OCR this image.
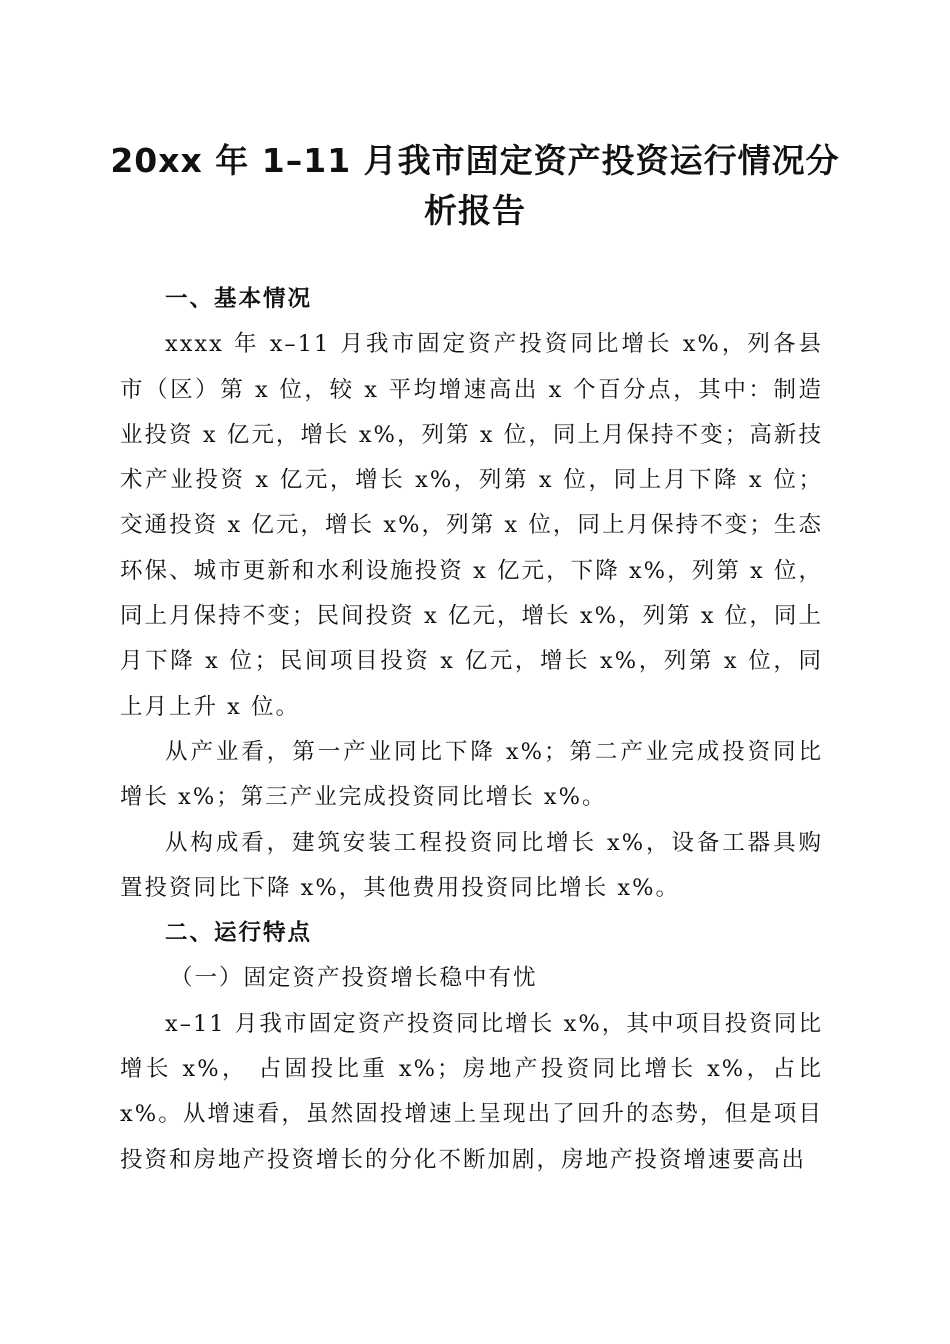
20xx 年 1–11 月我市固定资产投资运行情况分
析报告
一、基本情况

xxxx 年 x–11 月我市固定资产投资同比增长 x%，列各县市（区）第 x 位，较 x 平均增速高出 x 个百分点，其中：制造业投资 x 亿元，增长 x%，列第 x 位，同上月保持不变；高新技术产业投资 x 亿元，增长 x%，列第 x 位，同上月下降 x 位；交通投资 x 亿元，增长 x%，列第 x 位，同上月保持不变；生态环保、城市更新和水利设施投资 x 亿元，下降 x%，列第 x 位，同上月保持不变；民间投资 x 亿元，增长 x%，列第 x 位，同上月下降 x 位；民间项目投资 x 亿元，增长 x%，列第 x 位，同上月上升 x 位。

从产业看，第一产业同比下降 x%；第二产业完成投资同比增长 x%；第三产业完成投资同比增长 x%。

从构成看，建筑安装工程投资同比增长 x%，设备工器具购置投资同比下降 x%，其他费用投资同比增长 x%。

二、运行特点
（一）固定资产投资增长稳中有忧

x–11 月我市固定资产投资同比增长 x%，其中项目投资同比增长 x%， 占固投比重 x%；房地产投资同比增长 x%，占比 x%。从增速看，虽然固投增速上呈现出了回升的态势，但是项目投资和房地产投资增长的分化不断加剧，房地产投资增速要高出
